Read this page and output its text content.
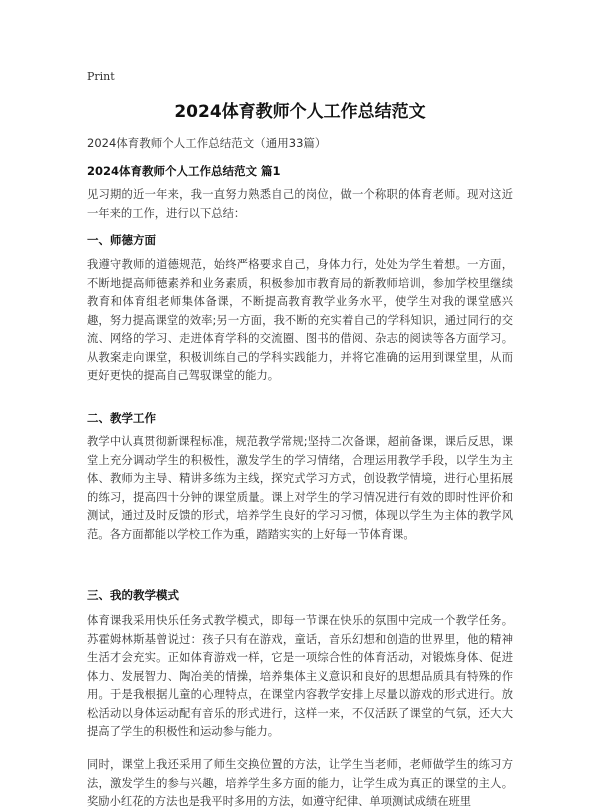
Print
2024体育教师个人工作总结范文
2024体育教师个人工作总结范文（通用33篇）
2024体育教师个人工作总结范文 篇1

见习期的近一年来，我一直努力熟悉自己的岗位，做一个称职的体育老师。现对这近一年来的工作，进行以下总结：

一、师德方面

我遵守教师的道德规范，始终严格要求自己，身体力行，处处为学生着想。一方面，不断地提高师德素养和业务素质，积极参加市教育局的新教师培训，参加学校里继续教育和体育组老师集体备课，不断提高教育教学业务水平，使学生对我的课堂感兴趣，努力提高课堂的效率;另一方面，我不断的充实着自己的学科知识，通过同行的交流、网络的学习、走进体育学科的交流圈、图书的借阅、杂志的阅读等各方面学习。从教案走向课堂，积极训练自己的学科实践能力，并将它准确的运用到课堂里，从而更好更快的提高自己驾驭课堂的能力。

二、教学工作

教学中认真贯彻新课程标准，规范教学常规;坚持二次备课，超前备课，课后反思，课堂上充分调动学生的积极性，激发学生的学习情绪，合理运用教学手段，以学生为主体、教师为主导、精讲多练为主线，探究式学习方式，创设教学情境，进行心里拓展的练习，提高四十分钟的课堂质量。课上对学生的学习情况进行有效的即时性评价和测试，通过及时反馈的形式，培养学生良好的学习习惯，体现以学生为主体的教学风范。各方面都能以学校工作为重，踏踏实实的上好每一节体育课。

三、我的教学模式

体育课我采用快乐任务式教学模式，即每一节课在快乐的氛围中完成一个教学任务。苏霍姆林斯基曾说过：孩子只有在游戏，童话，音乐幻想和创造的世界里，他的精神生活才会充实。正如体育游戏一样，它是一项综合性的体育活动，对锻炼身体、促进体力、发展智力、陶冶美的情操，培养集体主义意识和良好的思想品质具有特殊的作用。于是我根据儿童的心理特点，在课堂内容教学安排上尽量以游戏的形式进行。放松活动以身体运动配有音乐的形式进行，这样一来，不仅活跃了课堂的气氛，还大大提高了学生的积极性和运动参与能力。

同时，课堂上我还采用了师生交换位置的方法，让学生当老师，老师做学生的练习方法，激发学生的参与兴趣，培养学生多方面的能力，让学生成为真正的课堂的主人。奖励小红花的方法也是我平时多用的方法，如遵守纪律、单项测试成绩在班里
